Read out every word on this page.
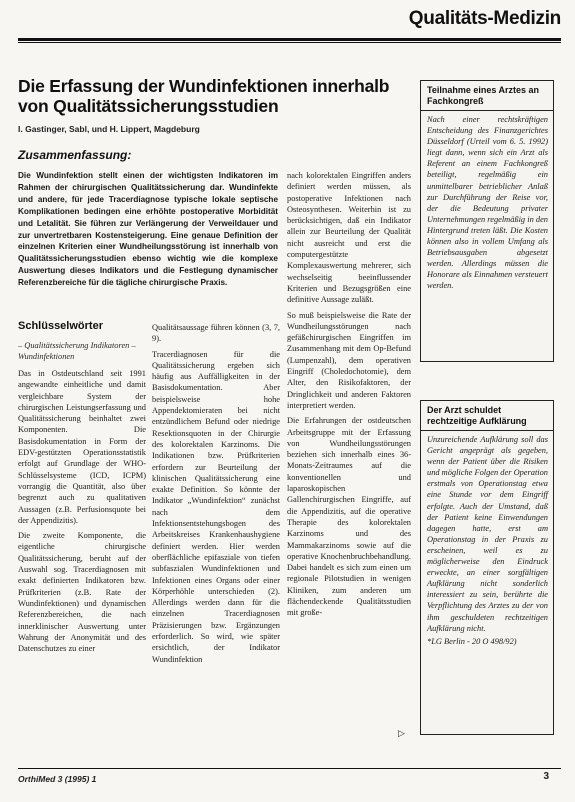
Qualitäts-Medizin
Die Erfassung der Wundinfektionen innerhalb von Qualitätssicherungsstudien
I. Gastinger, Sabl, und H. Lippert, Magdeburg
Zusammenfassung:
Die Wundinfektion stellt einen der wichtigsten Indikatoren im Rahmen der chirurgischen Qualitätssicherung dar. Wundinfekte und andere, für jede Tracerdiagnose typische lokale septische Komplikationen bedingen eine erhöhte postoperative Morbidität und Letalität. Sie führen zur Verlängerung der Verweildauer und zur unvertretbaren Kostensteigerung. Eine genaue Definition der einzelnen Kriterien einer Wundheilungsstörung ist innerhalb von Qualitätssicherungsstudien ebenso wichtig wie die komplexe Auswertung dieses Indikators und die Festlegung dynamischer Referenzbereiche für die tägliche chirurgische Praxis.
Schlüsselwörter
– Qualitätssicherung Indikatoren – Wundinfektionen

Das in Ostdeutschland seit 1991 angewandte einheitliche und damit vergleichbare System der chirurgischen Leistungserfassung und Qualitätssicherung beinhaltet zwei Komponenten. Die Basisdokumentation in Form der EDV-gestützten Operationsstatistik erfolgt auf Grundlage der WHO-Schlüsselsysteme (ICD, ICPM) vorrangig die Quantität, also über begrenzt auch zu qualitativen Aussagen (z.B. Perfusionsquote bei der Appendizitis).

Die zweite Komponente, die eigentliche chirurgische Qualitätssicherung, beruht auf der Auswahl sog. Tracerdiagnosen mit exakt definierten Indikatoren bzw. Prüfkriterien (z.B. Rate der Wundinfektionen) und dynamischen Referenzbereichen, die nach innerklinischer Auswertung unter Wahrung der Anonymität und des Datenschutzes zu einer

Qualitätsaussage führen können (3, 7, 9).

Tracerdiagnosen für die Qualitätssicherung ergeben sich häufig aus Auffälligkeiten in der Basisdokumentation. Aber beispielsweise hohe Appendektomieraten bei nicht entzündlichem Befund oder niedrige Resektionsquoten in der Chirurgie des kolorektalen Karzinoms. Die Indikationen bzw. Prüfkriterien erfordern zur Beurteilung der klinischen Qualitätssicherung eine exakte Definition. So könnte der Indikator „Wundinfektion“ zunächst nach dem Infektionsentstehungsbogen des Arbeitskreises Krankenhaushygiene definiert werden. Hier werden oberflächliche epifasziale von tiefen subfaszialen Wundinfektionen und Infektionen eines Organs oder einer Körperhöhle unterschieden (2). Allerdings werden dann für die einzelnen Tracerdiagnosen Präzisierungen bzw. Ergänzungen erforderlich. So wird, wie später ersichtlich, der Indikator Wundinfektion

nach kolorektalen Eingriffen anders definiert werden müssen, als postoperative Infektionen nach Osteosynthesen. Weiterhin ist zu berücksichtigen, daß ein Indikator allein zur Beurteilung der Qualität nicht ausreicht und erst die computergestützte Komplexauswertung mehrerer, sich wechselseitig beeinflussender Kriterien und Bezugsgrößen eine definitive Aussage zuläßt.

So muß beispielsweise die Rate der Wundheilungsstörungen nach gefäßchirurgischen Eingriffen im Zusammenhang mit dem Op-Befund (Lumpenzahl), dem operativen Eingriff (Choledochotomie), dem Alter, den Risikofaktoren, der Dringlichkeit und anderen Faktoren interpretiert werden.

Die Erfahrungen der ostdeutschen Arbeitsgruppe mit der Erfassung von Wundheilungsstörungen beziehen sich innerhalb eines 36-Monats-Zeitraumes auf die konventionellen und laparoskopischen Gallenchirurgischen Eingriffe, auf die Appendizitis, auf die operative Therapie des kolorektalen Karzinoms und des Mammakarzinoms sowie auf die operative Knochenbruchbehandlung. Dabei handelt es sich zum einen um regionale Pilotstudien in wenigen Kliniken, zum anderen um flächendeckende Qualitätsstudien mit große-

▷
Teilnahme eines Arztes an Fachkongreß
Nach einer rechtskräftigen Entscheidung des Finanzgerichtes Düsseldorf (Urteil vom 6. 5. 1992) liegt dann, wenn sich ein Arzt als Referent an einem Fachkongreß beteiligt, regelmäßig ein unmittelbarer betrieblicher Anlaß zur Durchführung der Reise vor, der die Bedeutung privater Unternehmungen regelmäßig in den Hintergrund treten läßt. Die Kosten können also in vollem Umfang als Betriebsausgaben abgesetzt werden. Allerdings müssen die Honorare als Einnahmen versteuert werden.
Der Arzt schuldet rechtzeitige Aufklärung
Unzureichende Aufklärung soll das Gericht angeprägt als gegeben, wenn der Patient über die Risiken und mögliche Folgen der Operation erstmals von Operationstag etwa eine Stunde vor dem Eingriff erfolgte. Auch der Umstand, daß der Patient keine Einwendungen dagegen hatte, erst am Operationstag in der Praxis zu erscheinen, weil es zu möglicherweise den Eindruck erweckte, an einer sorgfältigen Aufklärung nicht sonderlich interessiert zu sein, berührte die Verpflichtung des Arztes zu der von ihm geschuldeten rechtzeitigen Aufklärung nicht.
*LG Berlin - 20 O 498/92)
OrthiMed 3 (1995) 1	3
